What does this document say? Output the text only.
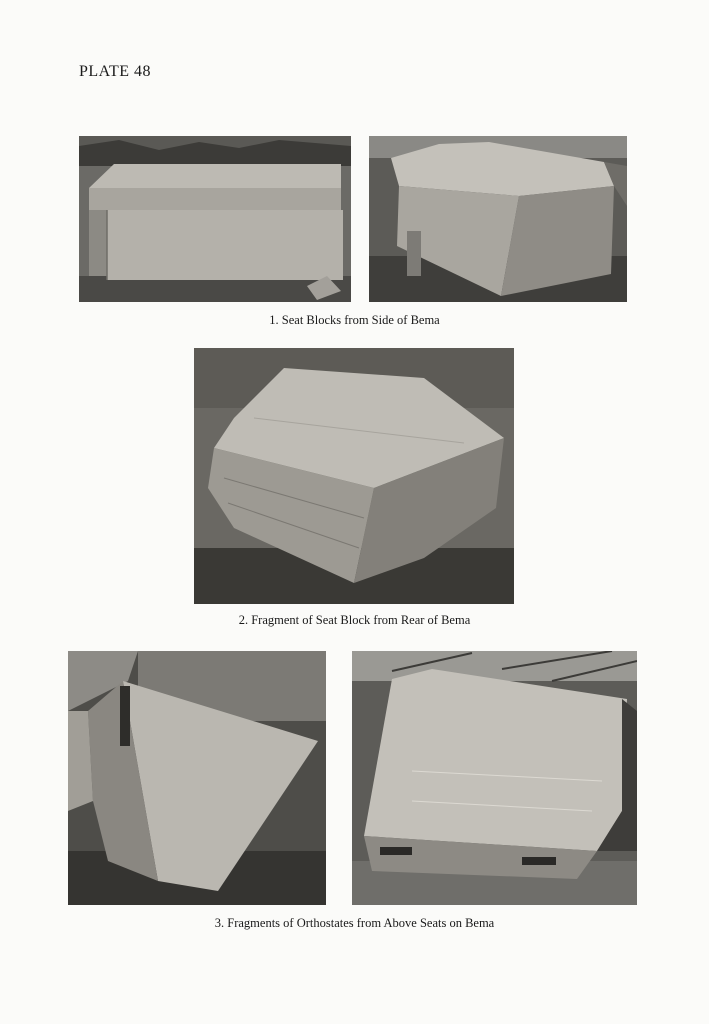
PLATE 48
1. Seat Blocks from Side of Bema
2. Fragment of Seat Block from Rear of Bema
3. Fragments of Orthostates from Above Seats on Bema
